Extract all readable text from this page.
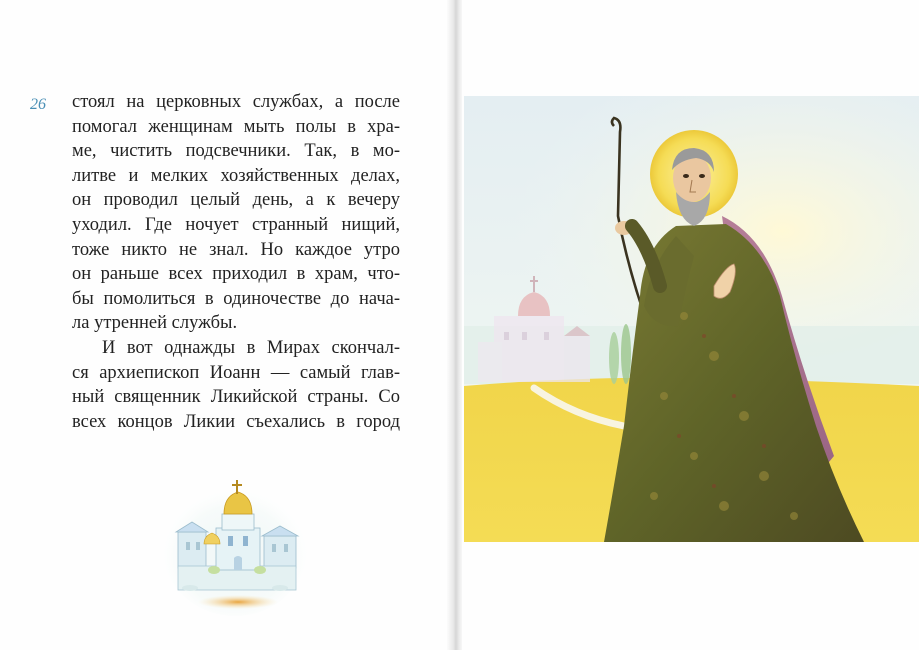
26 стоял на церковных службах, а после
помогал женщинам мыть полы в хра-
ме, чистить подсвечники. Так, в мо-
литве и мелких хозяйственных делах,
он проводил целый день, а к вечеру
уходил. Где ночует странный нищий,
тоже никто не знал. Но каждое утро
он раньше всех приходил в храм, что-
бы помолиться в одиночестве до нача-
ла утренней службы.
И вот однажды в Мирах скончал-
ся архиепископ Иоанн — самый глав-
ный священник Ликийской страны. Со
всех концов Ликии съехались в город
